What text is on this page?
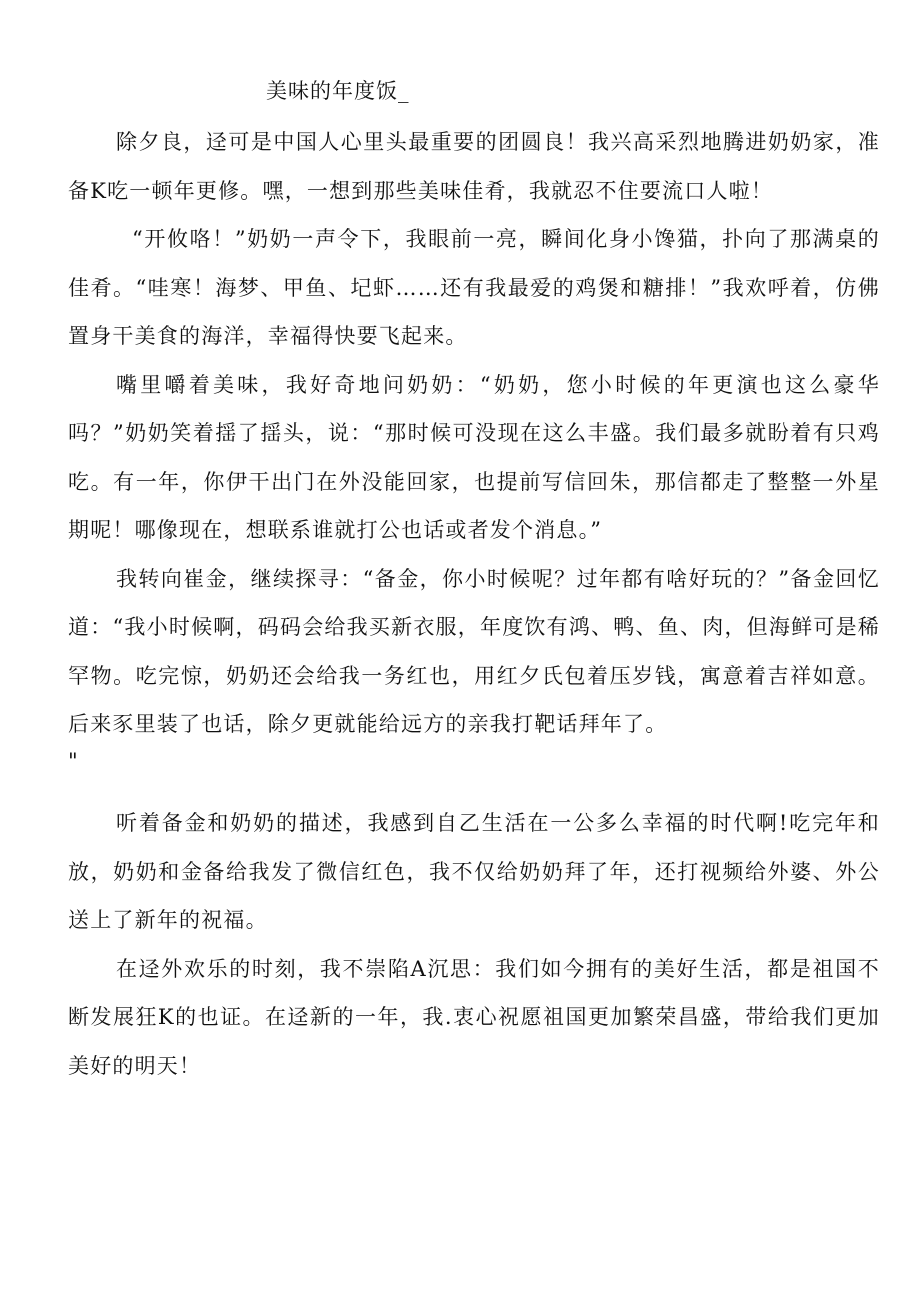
美味的年度饭_

除夕良，迳可是中国人心里头最重要的团圆良！我兴高采烈地腾进奶奶家，准备K吃一顿年更修。嘿，一想到那些美味佳肴，我就忍不住要流口人啦！

“开攸咯！”奶奶一声令下，我眼前一亮，瞬间化身小馋猫，扑向了那满桌的佳肴。“哇寒！海梦、甲鱼、圮虾……还有我最爱的鸡煲和糖排！”我欢呼着，仿佛置身干美食的海洋，幸福得快要飞起来。

嘴里嚼着美味，我好奇地问奶奶：“奶奶，您小时候的年更演也这么豪华吗？”奶奶笑着揺了揺头，说：“那时候可没现在这么丰盛。我们最多就盼着有只鸡吃。有一年，你伊干出门在外没能回家，也提前写信回朱，那信都走了整整一外星期呢！哪像现在，想联系谁就打公也话或者发个消息。”

我转向崔金，继续探寻：“备金，你小时候呢？过年都有啥好玩的？”备金回忆道：“我小时候啊，码码会给我买新衣服，年度饮有鸿、鸭、鱼、肉，但海鲜可是稀罕物。吃完惊，奶奶还会给我一务红也，用红夕氏包着压岁钱，寓意着吉祥如意。后来豕里装了也话，除夕更就能给远方的亲我打靶话拜年了。

"

听着备金和奶奶的描述，我感到自乙生活在一公多么幸福的时代啊!吃完年和放，奶奶和金备给我发了微信红色，我不仅给奶奶拜了年，还打视频给外婆、外公送上了新年的祝福。

在迳外欢乐的时刻，我不崇陷A沉思：我们如今拥有的美好生活，都是祖国不断发展狂K的也证。在迳新的一年，我.衷心祝愿祖国更加繁荣昌盛，带给我们更加美好的明天！
